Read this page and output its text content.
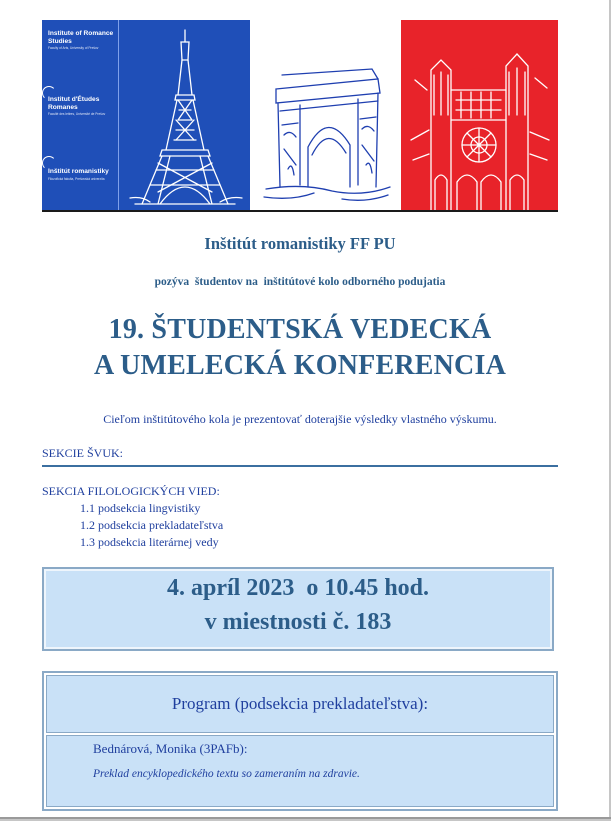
Institute of Romance Studies
Faculty of Arts, University of Prešov
Institut d'Études Romanes
Faculté des lettres, Université de Prešov
Inštitút romanistiky
Filozofická fakulta, Prešovská univerzita
Inštitút romanistiky FF PU
pozýva  študentov na  inštitútové kolo odborného podujatia
19. ŠTUDENTSKÁ VEDECKÁ
A UMELECKÁ KONFERENCIA
Cieľom inštitútového kola je prezentovať doterajšie výsledky vlastného výskumu.
SEKCIE ŠVUK:
SEKCIA FILOLOGICKÝCH VIED:
1.1 podsekcia lingvistiky
1.2 podsekcia prekladateľstva
1.3 podsekcia literárnej vedy
4. apríl 2023  o 10.45 hod.
v miestnosti č. 183
Program (podsekcia prekladateľstva):
Bednárová, Monika (3PAFb):
Preklad encyklopedického textu so zameraním na zdravie.
